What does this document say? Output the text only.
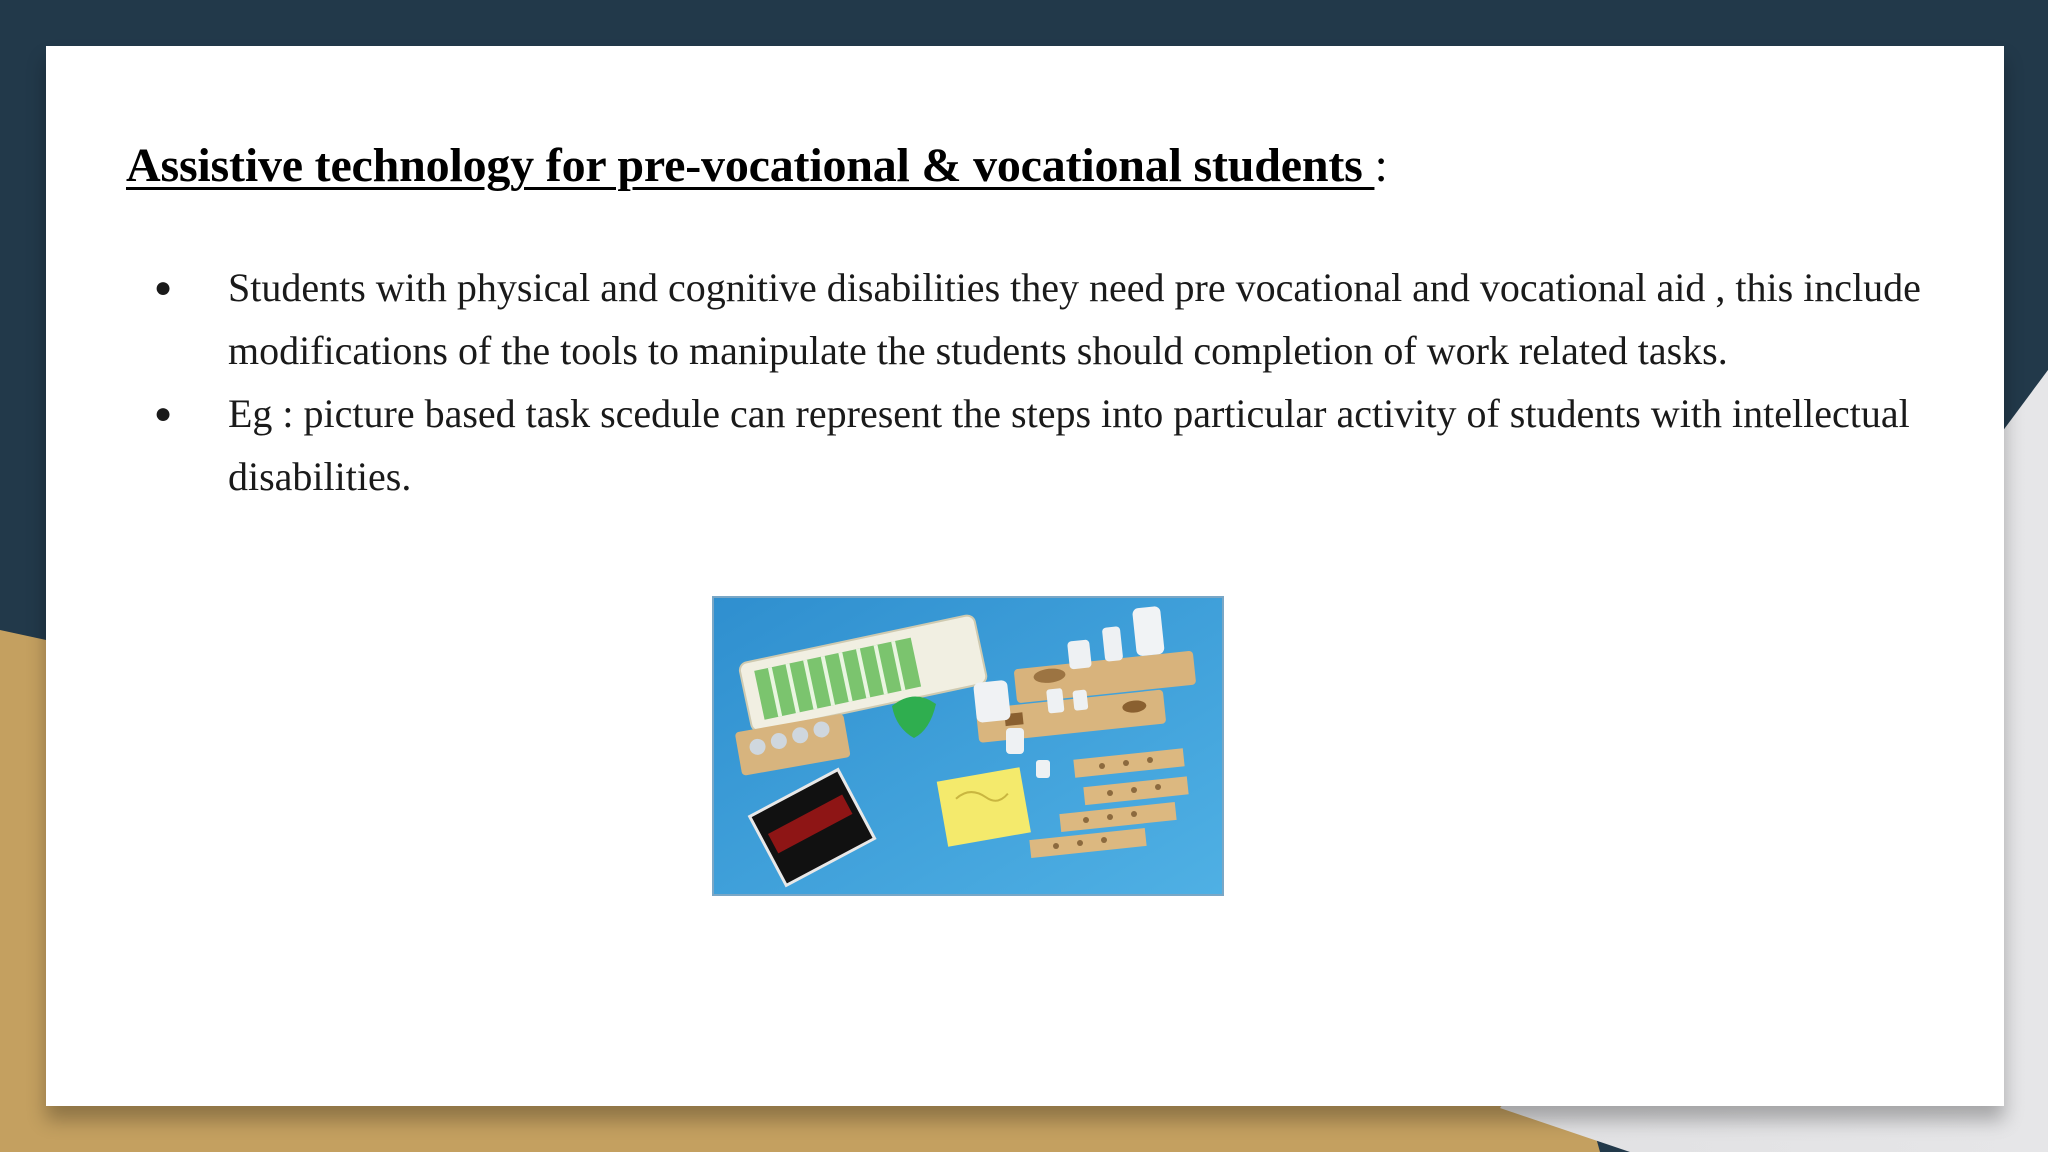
Assistive technology for pre-vocational & vocational students :
● Students with physical and cognitive disabilities they need pre vocational and vocational aid , this include modifications of the tools to manipulate the students should completion of work related tasks.
● Eg : picture based task scedule can represent the steps into particular activity of students with intellectual disabilities.
